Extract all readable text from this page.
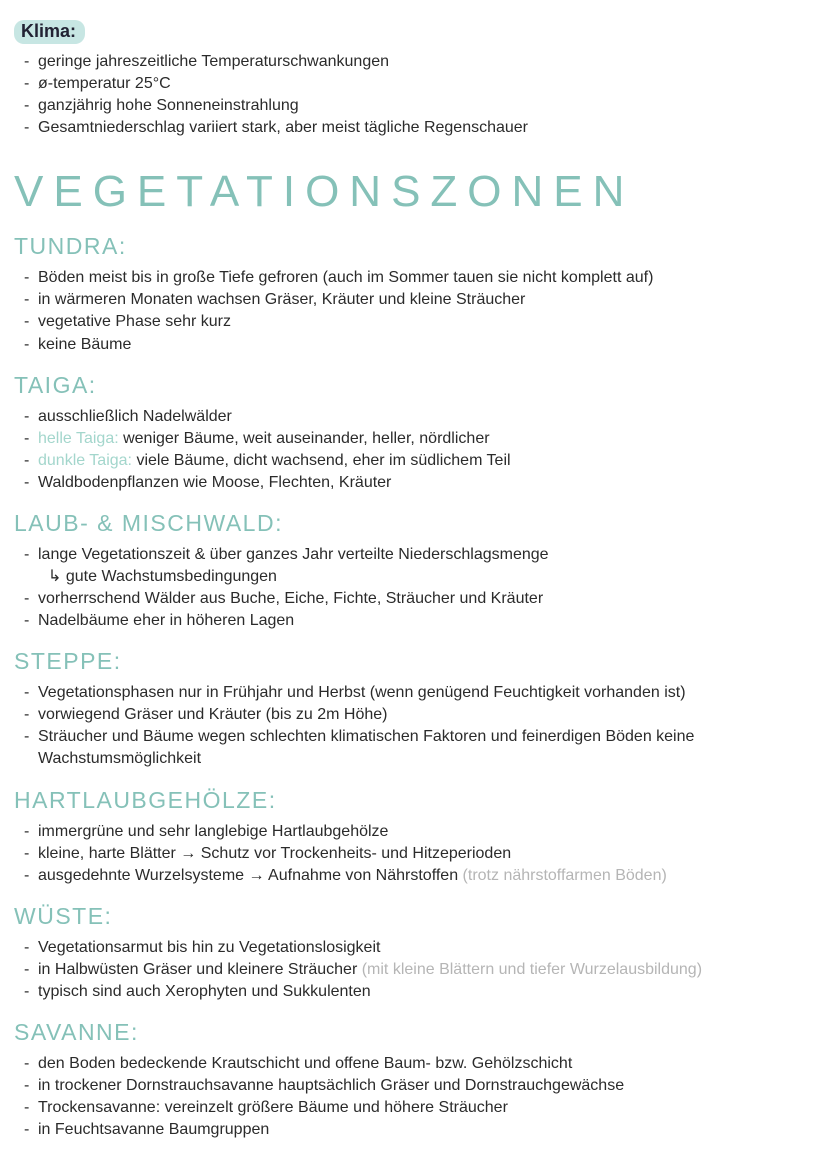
Klima:
- geringe jahreszeitliche Temperaturschwankungen
- ø-temperatur 25°C
- ganzjährig hohe Sonneneinstrahlung
- Gesamtniederschlag variiert stark, aber meist tägliche Regenschauer
VEGETATIONSZONEN
TUNDRA:
- Böden meist bis in große Tiefe gefroren (auch im Sommer tauen sie nicht komplett auf)
- in wärmeren Monaten wachsen Gräser, Kräuter und kleine Sträucher
- vegetative Phase sehr kurz
- keine Bäume
TAIGA:
- ausschließlich Nadelwälder
- helle Taiga: weniger Bäume, weit auseinander, heller, nördlicher
- dunkle Taiga: viele Bäume, dicht wachsend, eher im südlichem Teil
- Waldbodenpflanzen wie Moose, Flechten, Kräuter
LAUB- & MISCHWALD:
- lange Vegetationszeit & über ganzes Jahr verteilte Niederschlagsmenge
↳ gute Wachstumsbedingungen
- vorherrschend Wälder aus Buche, Eiche, Fichte, Sträucher und Kräuter
- Nadelbäume eher in höheren Lagen
STEPPE:
- Vegetationsphasen nur in Frühjahr und Herbst (wenn genügend Feuchtigkeit vorhanden ist)
- vorwiegend Gräser und Kräuter (bis zu 2m Höhe)
- Sträucher und Bäume wegen schlechten klimatischen Faktoren und feinerdigen Böden keine Wachstumsmöglichkeit
HARTLAUBGEHÖLZE:
- immergrüne und sehr langlebige Hartlaubgehölze
- kleine, harte Blätter → Schutz vor Trockenheits- und Hitzeperioden
- ausgedehnte Wurzelsysteme → Aufnahme von Nährstoffen (trotz nährstoffarmen Böden)
WÜSTE:
- Vegetationsarmut bis hin zu Vegetationslosigkeit
- in Halbwüsten Gräser und kleinere Sträucher (mit kleine Blättern und tiefer Wurzelausbildung)
- typisch sind auch Xerophyten und Sukkulenten
SAVANNE:
- den Boden bedeckende Krautschicht und offene Baum- bzw. Gehölzschicht
- in trockener Dornstrauchsavanne hauptsächlich Gräser und Dornstrauchgewächse
- Trockensavanne: vereinzelt größere Bäume und höhere Sträucher
- in Feuchtsavanne Baumgruppen
